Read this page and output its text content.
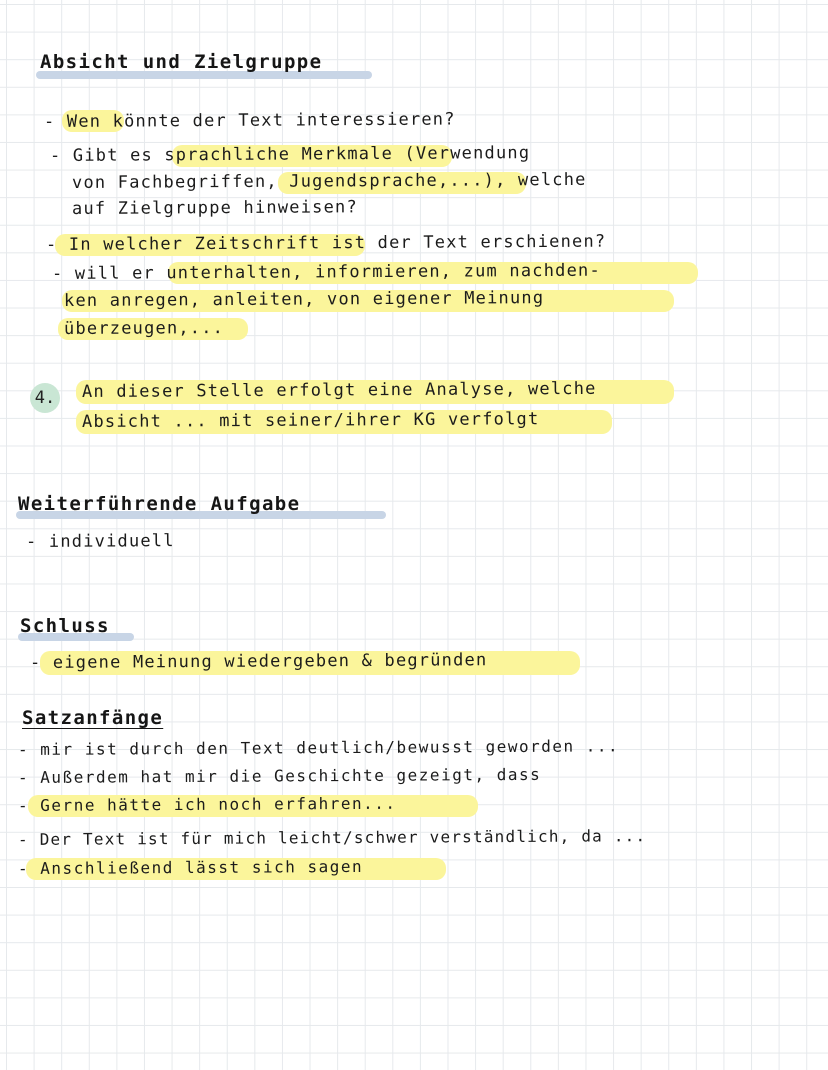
Absicht und Zielgruppe

- Wen könnte der Text interessieren?

- Gibt es sprachliche Merkmale (Verwendung

von Fachbegriffen, Jugendsprache,...), welche

auf Zielgruppe hinweisen?

- In welcher Zeitschrift ist der Text erschienen?

- will er unterhalten, informieren, zum nachden-

ken anregen, anleiten, von eigener Meinung

überzeugen,...

4. An dieser Stelle erfolgt eine Analyse, welche

Absicht ... mit seiner/ihrer KG verfolgt

Weiterführende Aufgabe

- individuell

Schluss

- eigene Meinung wiedergeben & begründen

Satzanfänge

- mir ist durch den Text deutlich/bewusst geworden ...

- Außerdem hat mir die Geschichte gezeigt, dass

- Gerne hätte ich noch erfahren...

- Der Text ist für mich leicht/schwer verständlich, da ...

- Anschließend lässt sich sagen
